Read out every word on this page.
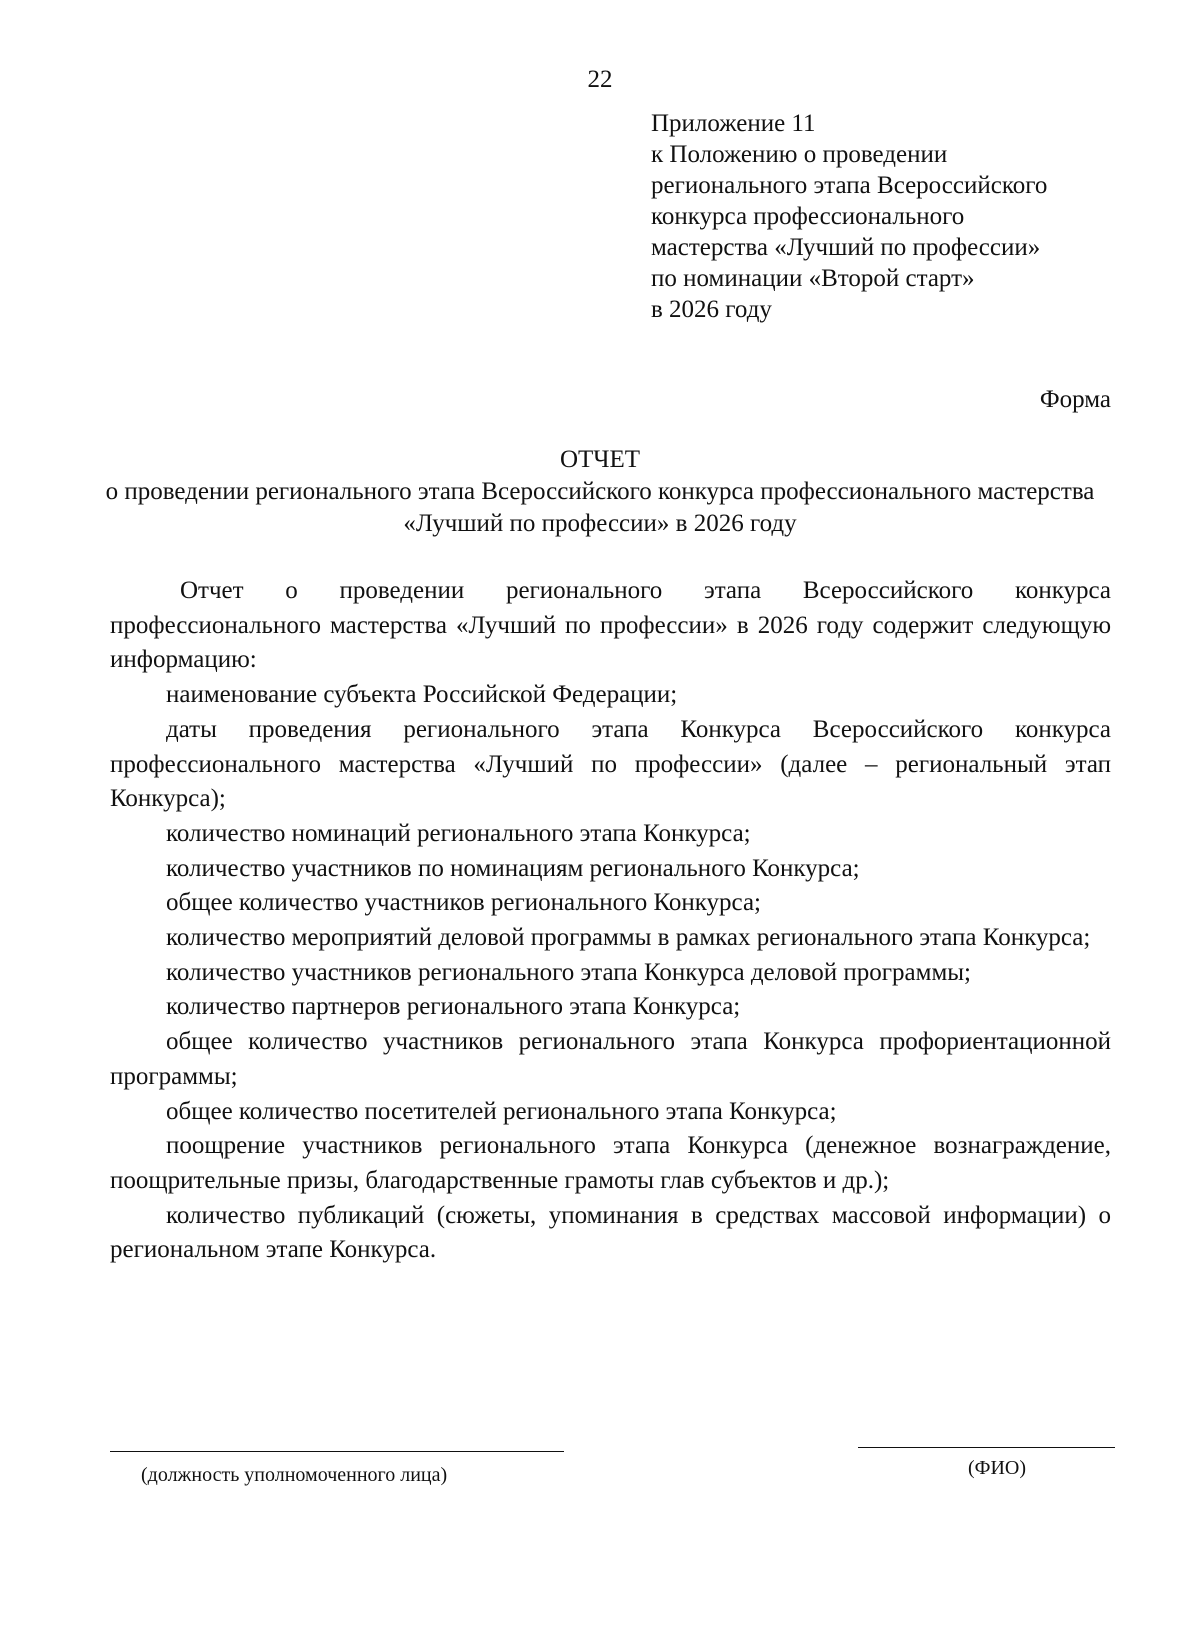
22
Приложение 11
к Положению о проведении
регионального этапа Всероссийского
конкурса профессионального
мастерства «Лучший по профессии»
по номинации «Второй старт»
в 2026 году
Форма
ОТЧЕТ
о проведении регионального этапа Всероссийского конкурса профессионального мастерства «Лучший по профессии» в 2026 году

Отчет о проведении регионального этапа Всероссийского конкурса профессионального мастерства «Лучший по профессии» в 2026 году содержит следующую информацию:

наименование субъекта Российской Федерации;

даты проведения регионального этапа Конкурса Всероссийского конкурса профессионального мастерства «Лучший по профессии» (далее – региональный этап Конкурса);

количество номинаций регионального этапа Конкурса;

количество участников по номинациям регионального Конкурса;

общее количество участников регионального Конкурса;

количество мероприятий деловой программы в рамках регионального этапа Конкурса;

количество участников регионального этапа Конкурса деловой программы;

количество партнеров регионального этапа Конкурса;

общее количество участников регионального этапа Конкурса профориентационной программы;

общее количество посетителей регионального этапа Конкурса;

поощрение участников регионального этапа Конкурса (денежное вознаграждение, поощрительные призы, благодарственные грамоты глав субъектов и др.);

количество публикаций (сюжеты, упоминания в средствах массовой информации) о региональном этапе Конкурса.

(должность уполномоченного лица)	(ФИО)
